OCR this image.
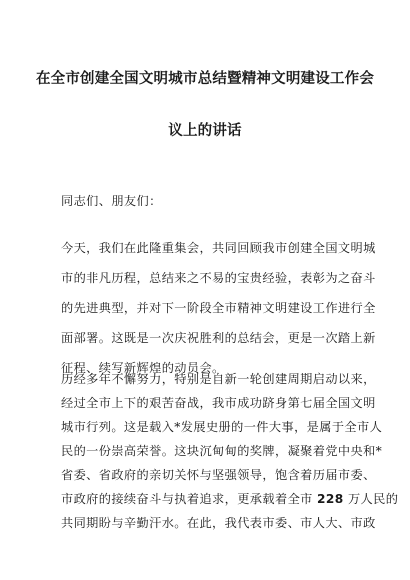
在全市创建全国文明城市总结暨精神文明建设工作会
议上的讲话
同志们、朋友们：
今天，我们在此隆重集会，共同回顾我市创建全国文明城
市的非凡历程，总结来之不易的宝贵经验，表彰为之奋斗
的先进典型，并对下一阶段全市精神文明建设工作进行全
面部署。这既是一次庆祝胜利的总结会，更是一次踏上新
征程、续写新辉煌的动员会。
历经多年不懈努力，特别是自新一轮创建周期启动以来，
经过全市上下的艰苦奋战，我市成功跻身第七届全国文明
城市行列。这是载入*发展史册的一件大事，是属于全市人
民的一份崇高荣誉。这块沉甸甸的奖牌，凝聚着党中央和*
省委、省政府的亲切关怀与坚强领导，饱含着历届市委、
市政府的接续奋斗与执着追求，更承载着全市 228 万人民的
共同期盼与辛勤汗水。在此，我代表市委、市人大、市政
